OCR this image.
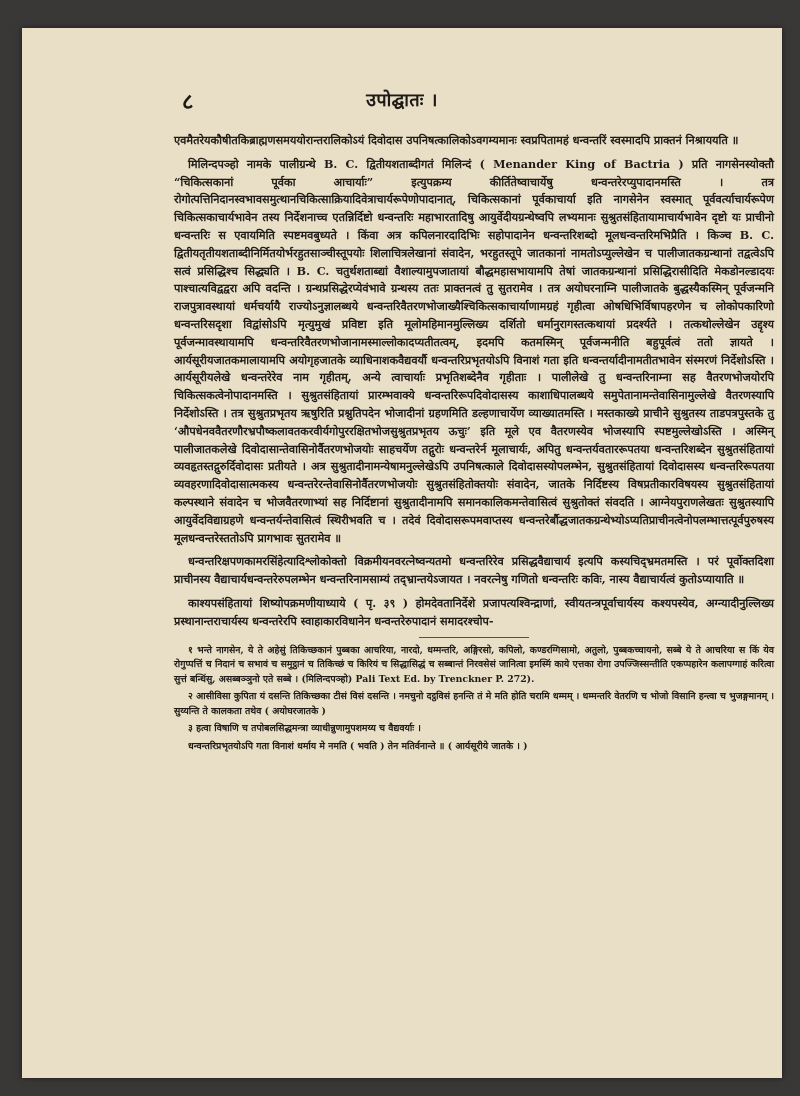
८	उपोद्घातः ।

एवमैतरेयकौषीतकिब्राह्मणसमययोरान्तरालिकोऽयं दिवोदास उपनिषत्कालिकोऽवगम्यमानः स्वप्रपितामहं धन्वन्तरिं स्वस्मादपि प्राक्तनं निश्राययति ॥

मिलिन्दपञ्हो नामके पालीग्रन्थे B. C. द्वितीयशताब्दीगतं मिलिन्दं ( Menander King of Bactria ) प्रति नागसेनस्योक्तौ “चिकित्सकानां पूर्वका आचार्याः” इत्युपक्रम्य कीर्तितेष्वाचार्येषु धन्वन्तरेरप्युपादानमस्ति । तत्र रोगोत्पत्तिनिदानस्वभावसमुत्थानचिकित्साक्रियादिवेत्राचार्यरूपेणोपादानात्, चिकित्सकानां पूर्वकाचार्या इति नागसेनेन स्वस्मात् पूर्ववर्त्याचार्यरूपेण चिकित्सकाचार्यभावेन तस्य निर्देशनाच्च एतन्निर्दिष्टो धन्वन्तरिः महाभारतादिषु आयुर्वेदीयग्रन्थेष्वपि लभ्यमानः सुश्रुतसंहितायामाचार्यभावेन दृष्टो यः प्राचीनो धन्वन्तरिः स एवायमिति स्पष्टमवबुध्यते । किंवा अत्र कपिलनारदादिभिः सहोपादानेन धन्वन्तरिशब्दो मूलधन्वन्तरिमभिप्रैति । किञ्च B. C. द्वितीयतृतीयशताब्दीनिर्मितयोर्भरहुतसाञ्चीस्तूपयोः शिलाचित्रलेखानां संवादेन, भरहुतस्तूपे जातकानां नामतोऽप्युल्लेखेन च पालीजातकग्रन्थानां तद्वत्वेऽपि सत्वं प्रसिद्धिश्च सिद्ध्यति । B. C. चतुर्थशताब्द्यां वैशाल्यामुपजातायां बौद्धमहासभायामपि तेषां जातकग्रन्थानां प्रसिद्धिरासीदिति मेकडोनल्डादयः पाश्चात्यविद्वद्वरा अपि वदन्ति । ग्रन्थप्रसिद्धेरप्येवंभावे ग्रन्थस्य ततः प्राक्तनत्वं तु सुतरामेव । तत्र अयोघरनाम्नि पालीजातके बुद्धस्यैकस्मिन् पूर्वजन्मनि राजपुत्रावस्थायां धर्मचर्यायै राज्योऽनुज्ञालब्धये धन्वन्तरिवैतरणभोजाख्यैश्चिकित्सकाचार्याणामग्रहं गृहीत्वा ओषधिभिर्विषापहरणेन च लोकोपकारिणो धन्वन्तरिसदृशा विद्वांसोऽपि मृत्युमुखं प्रविष्टा इति मूलोमहिमानमुल्लिख्य दर्शितो धर्मानुरागस्तत्कथायां प्रदर्श्यते । तत्कथोल्लेखेन उद्दृश्य पूर्वजन्मावस्थायामपि धन्वन्तरिवैतरणभोजानामस्माल्लोकादप्यतीतत्वम्, इदमपि कतमस्मिन् पूर्वजन्मनीति बहुपूर्वत्वं ततो ज्ञायते । आर्यसूरीयजातकमालायामपि अयोगृहजातके व्याधिनाशकवैद्यवर्यौ धन्वन्तरिप्रभृतयोऽपि विनाशं गता इति धन्वन्तर्यादीनामतीतभावेन संस्मरणं निर्देशोऽस्ति । आर्यसूरीयलेखे धन्वन्तरेरेव नाम गृहीतम्, अन्ये त्वाचार्याः प्रभृतिशब्देनैव गृहीताः । पालीलेखे तु धन्वन्तरिनाम्ना सह वैतरणभोजयोरपि चिकित्सकत्वेनोपादानमस्ति । सुश्रुतसंहितायां प्रारम्भवाक्ये धन्वन्तरिरूपदिवोदासस्य काशाधिपालब्धये समुपेतानामन्तेवासिनामुल्लेखे वैतरणस्यापि निर्देशोऽस्ति । तत्र सुश्रुतप्रभृतय ऋषुरिति प्रश्नुतिपदेन भोजादीनां ग्रहणमिति डल्हणाचार्येण व्याख्यातमस्ति । मस्तकाख्ये प्राचीने सुश्रुतस्य ताडपत्रपुस्तके तु ‘औपधेनववैतरणौरभ्रपौष्कलावतकरवीर्यगोपुररक्षितभोजसुश्रुतप्रभृतय ऊचुः’ इति मूले एव वैतरणस्येव भोजस्यापि स्पष्टमुल्लेखोऽस्ति । अस्मिन् पालीजातकलेखे दिवोदासान्तेवासिनोर्वैतरणभोजयोः साहचर्येण तद्गुरोः धन्वन्तरेर्न मूलाचार्यः, अपितु धन्वन्तर्यवताररूपतया धन्वन्तरिशब्देन सुश्रुतसंहितायां व्यवहृतस्तद्गुरुर्दिवोदासः प्रतीयते । अत्र सुश्रुतादीनामन्येषामनुल्लेखेऽपि उपनिषत्काले दिवोदासस्योपलम्भेन, सुश्रुतसंहितायां दिवोदासस्य धन्वन्तरिरूपतया व्यवहरणादिवोदासात्मकस्य धन्वन्तरेरन्तेवासिनोर्वैतरणभोजयोः सुश्रुतसंहितोक्तयोः संवादेन, जातके निर्दिष्टस्य विषप्रतीकारविषयस्य सुश्रुतसंहितायां कल्पस्थाने संवादेन च भोजवैतरणाभ्यां सह निर्दिष्टानां सुश्रुतादीनामपि समानकालिकमन्तेवासित्वं सुश्रुतोक्तं संवदति । आग्नेयपुराणलेखतः सुश्रुतस्यापि आयुर्वेदविद्याग्रहणे धन्वन्तर्यन्तेवासित्वं स्थिरीभवति च । तदेवं दिवोदासरूपमवाप्तस्य धन्वन्तरेर्बौद्धजातकग्रन्थेभ्योऽप्यतिप्राचीनत्वेनोपलम्भात्तत्पूर्वपुरुषस्य मूलधन्वन्तरेस्ततोऽपि प्रागभावः सुतरामेव ॥

धन्वन्तरिक्षपणकामरसिंहेत्यादिश्लोकोक्तो विक्रमीयनवरत्नेष्वन्यतमो धन्वन्तरिरेव प्रसिद्धवैद्याचार्य इत्यपि कस्यचिद्भ्रमतमस्ति । परं पूर्वोक्तदिशा प्राचीनस्य वैद्याचार्यधन्वन्तरेरुपलम्भेन धन्वन्तरिनामसाम्यं तद्भ्रान्तयेऽजायत । नवरत्नेषु गणितो धन्वन्तरिः कविः, नास्य वैद्याचार्यत्वं कुतोऽप्यायाति ॥

काश्यपसंहितायां शिष्योपक्रमणीयाध्याये ( पृ. ३९ ) होमदेवतानिर्देशे प्रजापत्यश्विन्द्राणां, स्वीयतन्त्रपूर्वाचार्यस्य कश्यपस्येव, अग्न्यादीनुल्लिख्य प्रस्थानान्तराचार्यस्य धन्वन्तरेरपि स्वाहाकारविधानेन धन्वन्तरेरुपादानं समादरश्चोप-

१ भन्ते नागसेन, ये ते अहेसुं तिकिच्छकानं पुब्बका आचरिया, नारदो, धम्मन्तरि, अङ्गिरसो, कपिलो, कण्डरग्गिसामो, अतुलो, पुब्बकच्चायनो, सब्बे ये ते आचरिया स किं येव रोगुप्पत्तिं च निदानं च सभावं च समुट्ठानं च तिकिच्छं च किरियं च सिद्धासिद्धं च सब्बान्तं निरवसेसं जानित्वा इमस्मिं काये एत्तका रोगा उपज्जिस्सन्तीति एकप्पहारेन कलापग्गाहं करित्वा सुत्तं बन्धिंसु, असब्बञ्ञुनो एते सब्बे । (मिलिन्दपञ्हो) Pali Text Ed. by Trenckner P. 272).

२ आसीविसा कुपिता यं दसन्ति तिकिच्छका टीसं विसं दसन्ति । नमचुनो दट्ठविसं हनन्ति तं मे मति होति चरामि धम्मम् । धम्मन्तरि वेतरणि च भोजो विसानि हन्त्वा च भुजङ्गमानम् । सुय्यन्ति ते कालकता तथेव ( अयोघरजातके )

३ हत्वा विषाणि च तपोबलसिद्धमन्त्रा व्याधीन्नुणामुपशमय्य च वैद्यवर्याः ।

धन्वन्तरिप्रभृतयोऽपि गता विनाशं धर्माय मे नमति ( भवति ) तेन मतिर्वनान्ते ॥ ( आर्यसूरीये जातके । )
